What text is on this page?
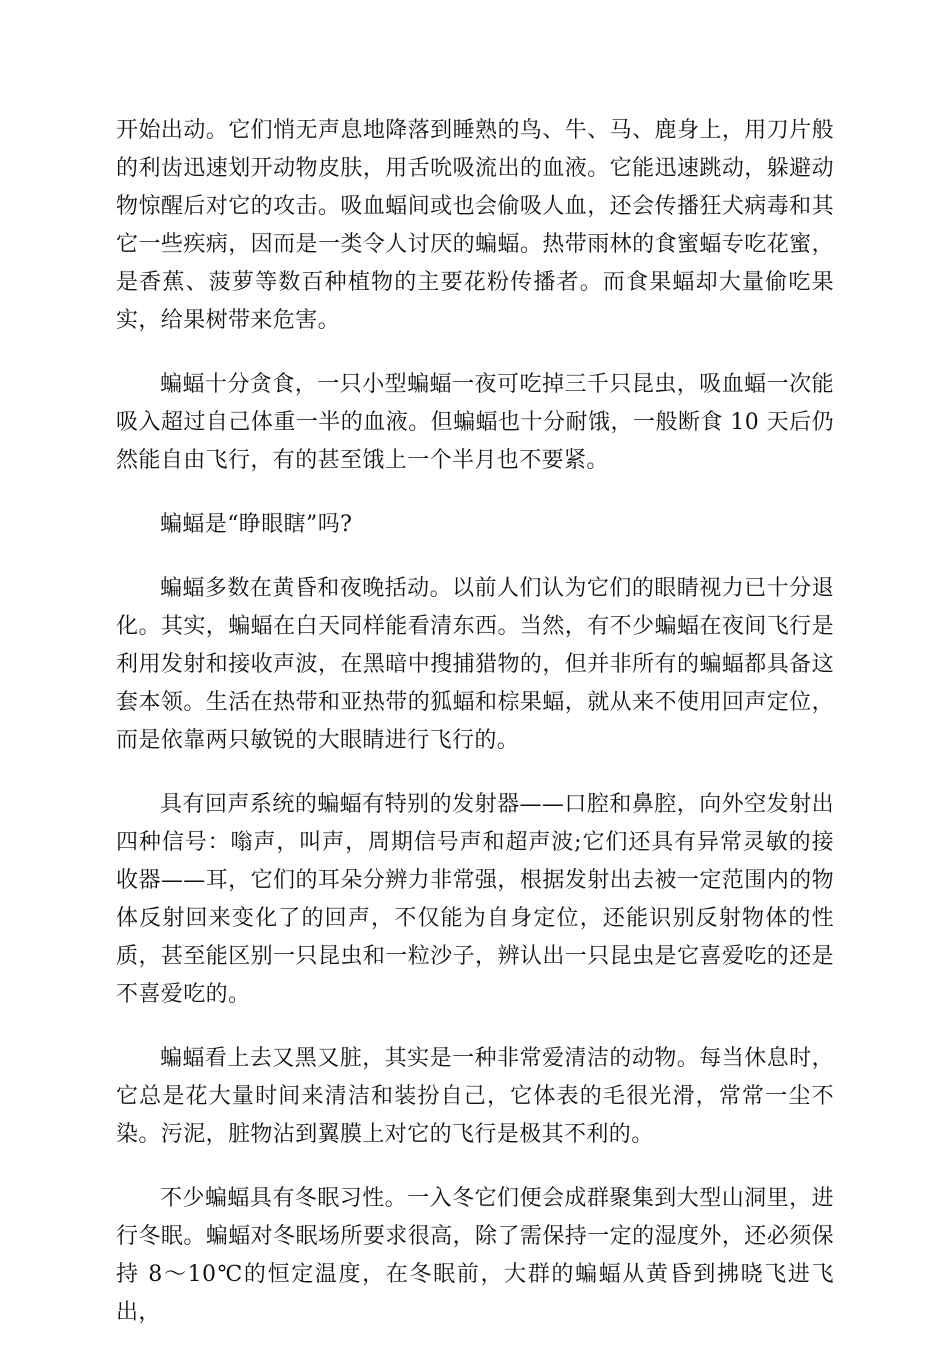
开始出动。它们悄无声息地降落到睡熟的鸟、牛、马、鹿身上，用刀片般的利齿迅速划开动物皮肤，用舌吮吸流出的血液。它能迅速跳动，躲避动物惊醒后对它的攻击。吸血蝠间或也会偷吸人血，还会传播狂犬病毒和其它一些疾病，因而是一类令人讨厌的蝙蝠。热带雨林的食蜜蝠专吃花蜜，是香蕉、菠萝等数百种植物的主要花粉传播者。而食果蝠却大量偷吃果实，给果树带来危害。

蝙蝠十分贪食，一只小型蝙蝠一夜可吃掉三千只昆虫，吸血蝠一次能吸入超过自己体重一半的血液。但蝙蝠也十分耐饿，一般断食 10 天后仍然能自由飞行，有的甚至饿上一个半月也不要紧。

蝙蝠是“睁眼瞎”吗?

蝙蝠多数在黄昏和夜晚括动。以前人们认为它们的眼睛视力已十分退化。其实，蝙蝠在白天同样能看清东西。当然，有不少蝙蝠在夜间飞行是利用发射和接收声波，在黑暗中搜捕猎物的，但并非所有的蝙蝠都具备这套本领。生活在热带和亚热带的狐蝠和棕果蝠，就从来不使用回声定位，而是依靠两只敏锐的大眼睛进行飞行的。

具有回声系统的蝙蝠有特别的发射器——口腔和鼻腔，向外空发射出四种信号：嗡声，叫声，周期信号声和超声波;它们还具有异常灵敏的接收器——耳，它们的耳朵分辨力非常强，根据发射出去被一定范围内的物体反射回来变化了的回声，不仅能为自身定位，还能识别反射物体的性质，甚至能区别一只昆虫和一粒沙子，辨认出一只昆虫是它喜爱吃的还是不喜爱吃的。

蝙蝠看上去又黑又脏，其实是一种非常爱清洁的动物。每当休息时，它总是花大量时间来清洁和装扮自己，它体表的毛很光滑，常常一尘不染。污泥，脏物沾到翼膜上对它的飞行是极其不利的。

不少蝙蝠具有冬眠习性。一入冬它们便会成群聚集到大型山洞里，进行冬眠。蝙蝠对冬眠场所要求很高，除了需保持一定的湿度外，还必须保持 8～10℃的恒定温度，在冬眠前，大群的蝙蝠从黄昏到拂晓飞进飞出，
